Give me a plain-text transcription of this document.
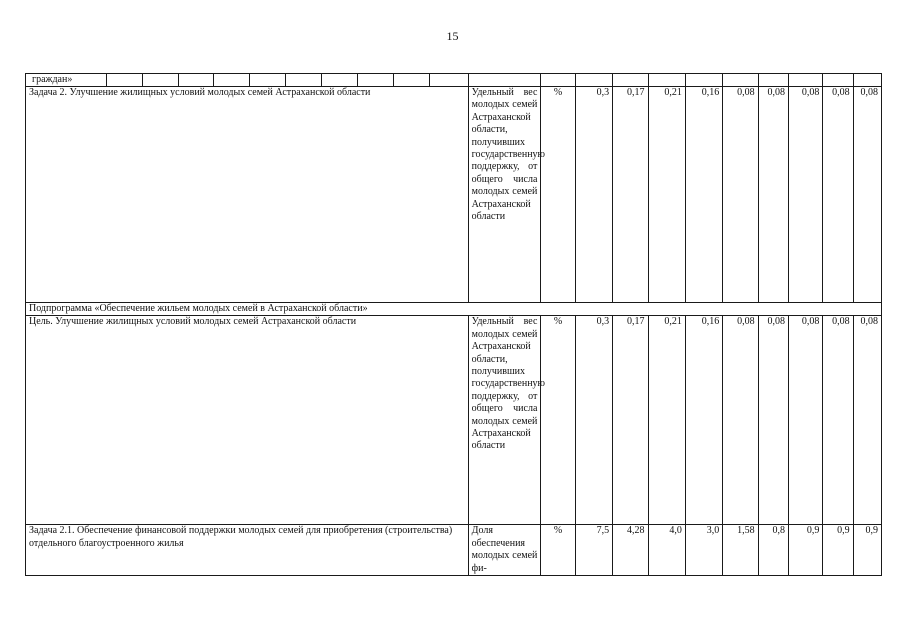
15
граждан»											

Задача 2. Улучшение жилищных условий молодых семей Астраханской области	Удельный вес молодых семей Астраханской области, получивших государственную поддержку, от общего числа молодых семей Астраханской области	%	0,3	0,17	0,21	0,16	0,08	0,08	0,08	0,08	0,08
Подпрограмма «Обеспечение жильем молодых семей в Астраханской области»											
Цель. Улучшение жилищных условий молодых семей Астраханской области	Удельный вес молодых семей Астраханской области, получивших государственную поддержку, от общего числа молодых семей Астраханской области	%	0,3	0,17	0,21	0,16	0,08	0,08	0,08	0,08	0,08
Задача 2.1. Обеспечение финансовой поддержки молодых семей для приобретения (строительства) отдельного благоустроенного жилья	Доля обеспечения молодых семей фи-	%	7,5	4,28	4,0	3,0	1,58	0,8	0,9	0,9	0,9
